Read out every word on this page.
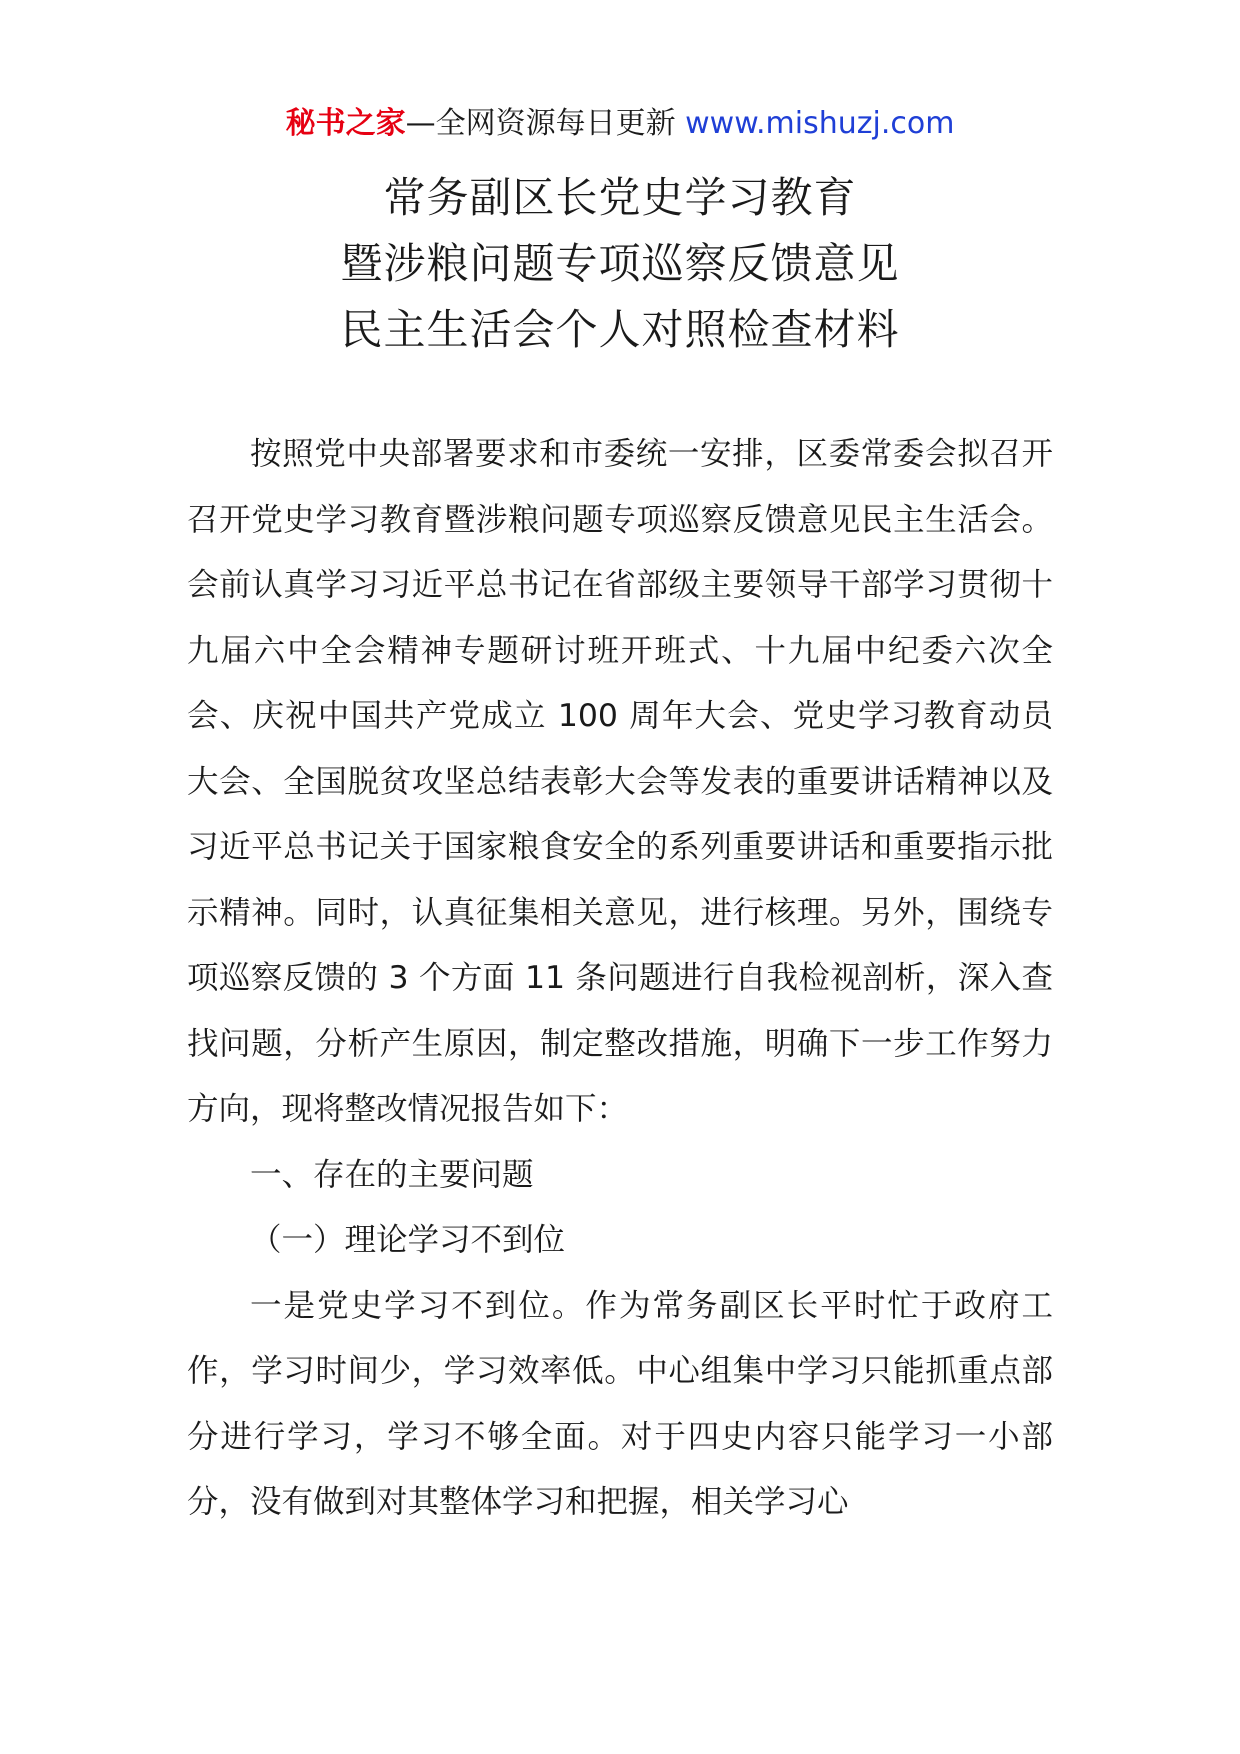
秘书之家—全网资源每日更新 www.mishuzj.com
常务副区长党史学习教育
暨涉粮问题专项巡察反馈意见
民主生活会个人对照检查材料

按照党中央部署要求和市委统一安排，区委常委会拟召开召开党史学习教育暨涉粮问题专项巡察反馈意见民主生活会。会前认真学习习近平总书记在省部级主要领导干部学习贯彻十九届六中全会精神专题研讨班开班式、十九届中纪委六次全会、庆祝中国共产党成立 100 周年大会、党史学习教育动员大会、全国脱贫攻坚总结表彰大会等发表的重要讲话精神以及习近平总书记关于国家粮食安全的系列重要讲话和重要指示批示精神。同时，认真征集相关意见，进行核理。另外，围绕专项巡察反馈的 3 个方面 11 条问题进行自我检视剖析，深入查找问题，分析产生原因，制定整改措施，明确下一步工作努力方向，现将整改情况报告如下：

一、存在的主要问题

（一）理论学习不到位

一是党史学习不到位。作为常务副区长平时忙于政府工作，学习时间少，学习效率低。中心组集中学习只能抓重点部分进行学习，学习不够全面。对于四史内容只能学习一小部分，没有做到对其整体学习和把握，相关学习心
